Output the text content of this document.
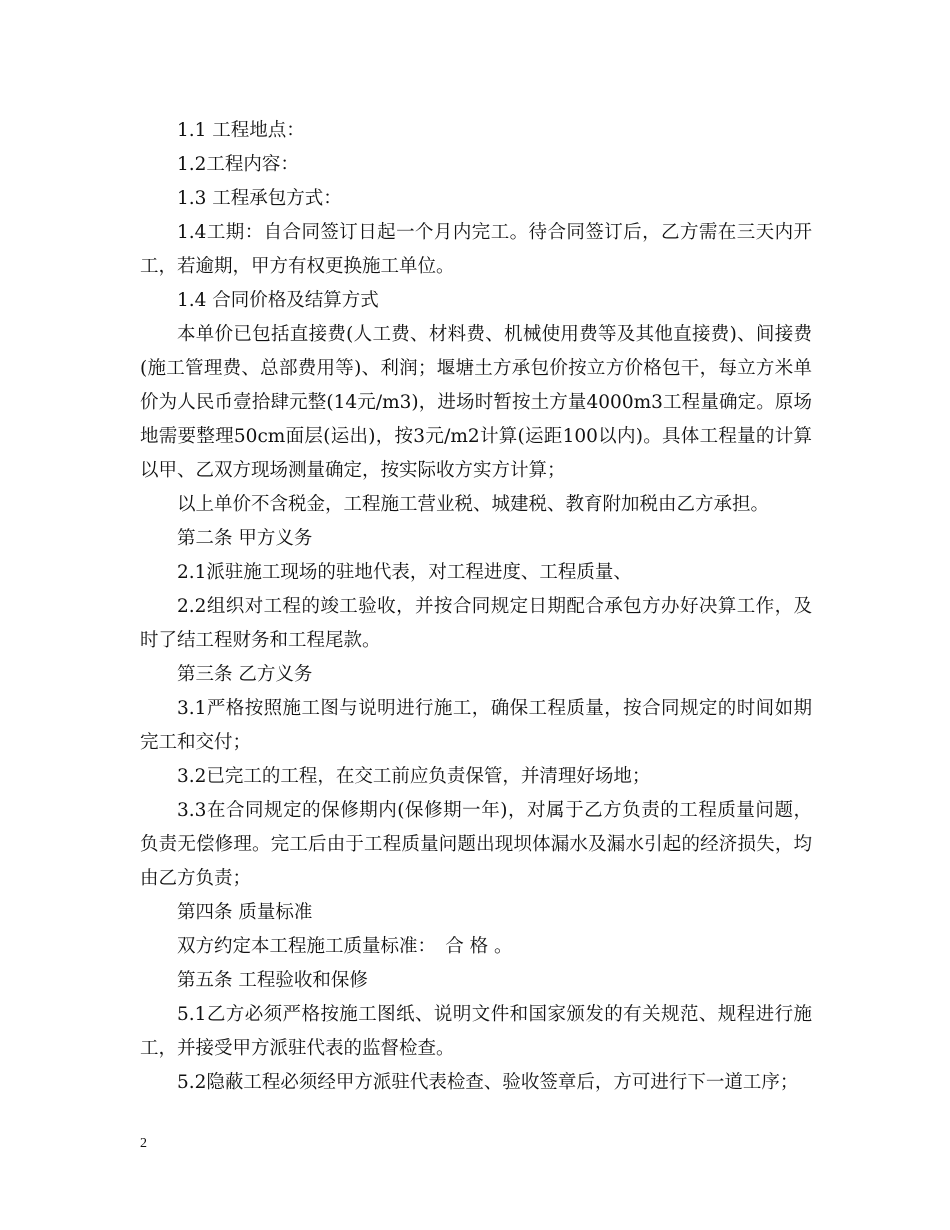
1.1 工程地点：

1.2工程内容：

1.3 工程承包方式：

1.4工期：自合同签订日起一个月内完工。待合同签订后，乙方需在三天内开工，若逾期，甲方有权更换施工单位。

1.4 合同价格及结算方式

本单价已包括直接费(人工费、材料费、机械使用费等及其他直接费)、间接费(施工管理费、总部费用等)、利润；堰塘土方承包价按立方价格包干，每立方米单价为人民币壹拾肆元整(14元/m3)，进场时暂按土方量4000m3工程量确定。原场地需要整理50cm面层(运出)，按3元/m2计算(运距100以内)。具体工程量的计算以甲、乙双方现场测量确定，按实际收方实方计算；

以上单价不含税金，工程施工营业税、城建税、教育附加税由乙方承担。

第二条 甲方义务

2.1派驻施工现场的驻地代表，对工程进度、工程质量、

2.2组织对工程的竣工验收，并按合同规定日期配合承包方办好决算工作，及时了结工程财务和工程尾款。

第三条 乙方义务

3.1严格按照施工图与说明进行施工，确保工程质量，按合同规定的时间如期完工和交付；

3.2已完工的工程，在交工前应负责保管，并清理好场地；

3.3在合同规定的保修期内(保修期一年)，对属于乙方负责的工程质量问题，负责无偿修理。完工后由于工程质量问题出现坝体漏水及漏水引起的经济损失，均由乙方负责；

第四条 质量标准

双方约定本工程施工质量标准：　合 格 。

第五条 工程验收和保修

5.1乙方必须严格按施工图纸、说明文件和国家颁发的有关规范、规程进行施工，并接受甲方派驻代表的监督检查。

5.2隐蔽工程必须经甲方派驻代表检查、验收签章后，方可进行下一道工序；

2
